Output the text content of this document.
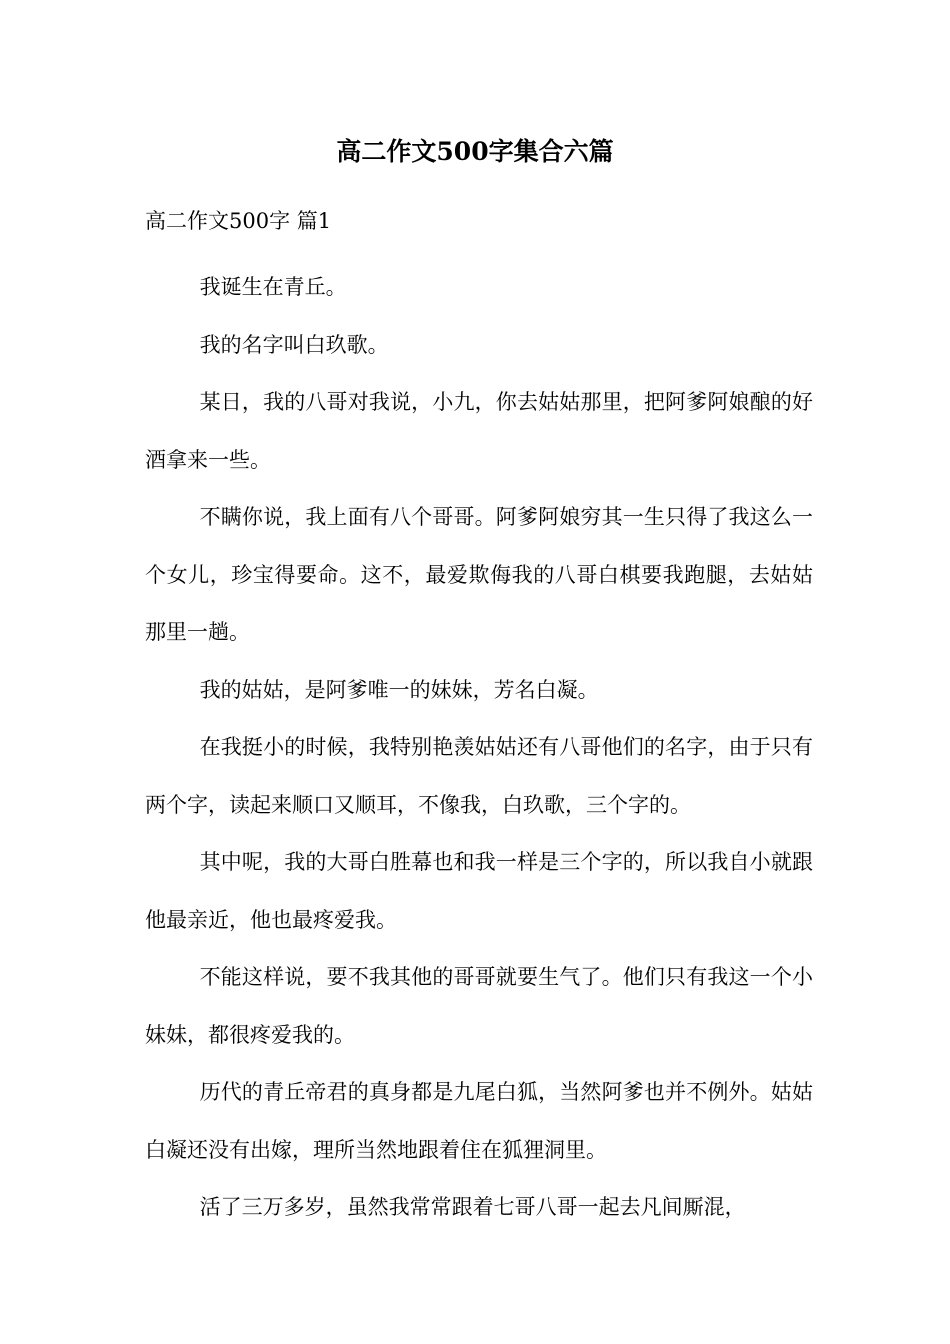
高二作文500字集合六篇
高二作文500字 篇1

我诞生在青丘。

我的名字叫白玖歌。

某日，我的八哥对我说，小九，你去姑姑那里，把阿爹阿娘酿的好酒拿来一些。

不瞒你说，我上面有八个哥哥。阿爹阿娘穷其一生只得了我这么一个女儿，珍宝得要命。这不，最爱欺侮我的八哥白棋要我跑腿，去姑姑那里一趟。

我的姑姑，是阿爹唯一的妹妹，芳名白凝。

在我挺小的时候，我特别艳羡姑姑还有八哥他们的名字，由于只有两个字，读起来顺口又顺耳，不像我，白玖歌，三个字的。

其中呢，我的大哥白胜幕也和我一样是三个字的，所以我自小就跟他最亲近，他也最疼爱我。

不能这样说，要不我其他的哥哥就要生气了。他们只有我这一个小妹妹，都很疼爱我的。

历代的青丘帝君的真身都是九尾白狐，当然阿爹也并不例外。姑姑白凝还没有出嫁，理所当然地跟着住在狐狸洞里。

活了三万多岁，虽然我常常跟着七哥八哥一起去凡间厮混，
